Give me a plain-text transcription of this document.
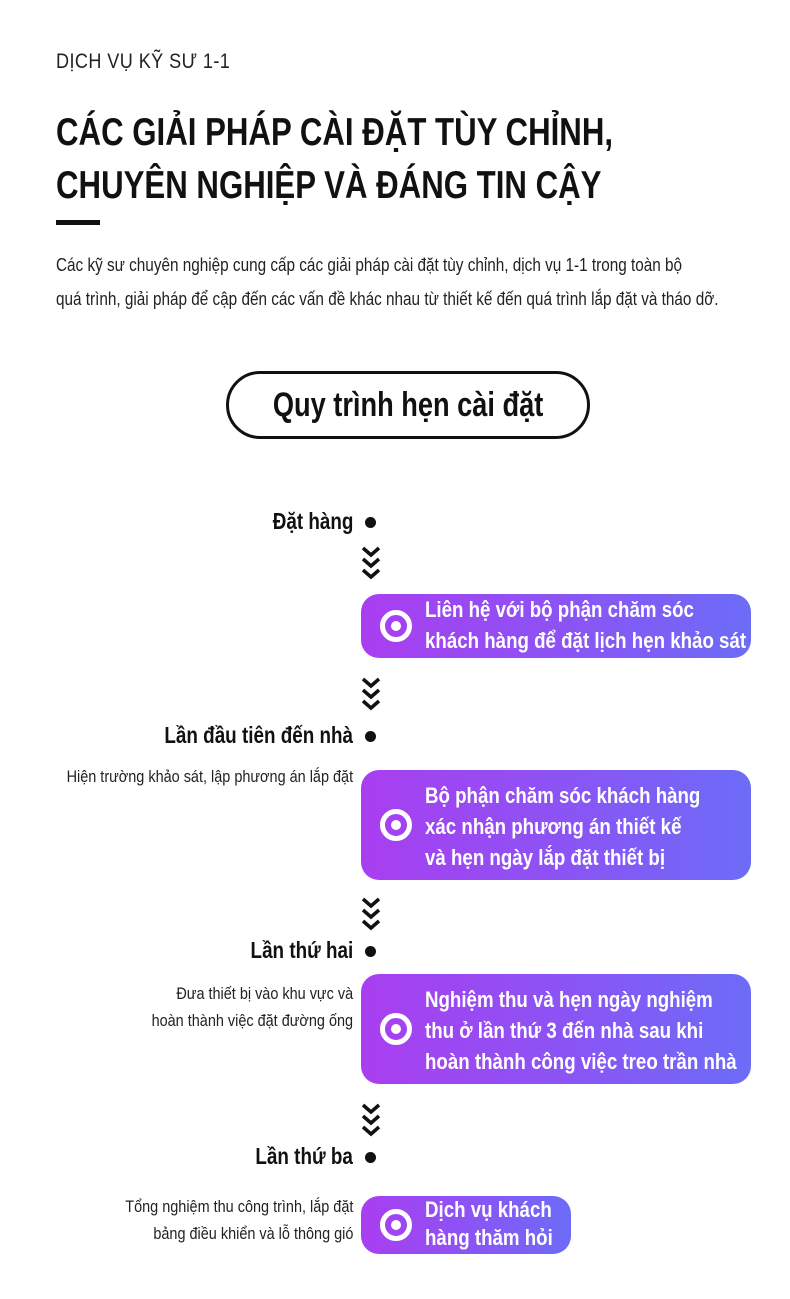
DỊCH VỤ KỸ SƯ 1-1
CÁC GIẢI PHÁP CÀI ĐẶT TÙY CHỈNH,
CHUYÊN NGHIỆP VÀ ĐÁNG TIN CẬY
Các kỹ sư chuyên nghiệp cung cấp các giải pháp cài đặt tùy chỉnh, dịch vụ 1-1 trong toàn bộ
quá trình, giải pháp để cập đến các vấn đề khác nhau từ thiết kế đến quá trình lắp đặt và tháo dỡ.
Quy trình hẹn cài đặt
Đặt hàng
Liên hệ với bộ phận chăm sóc
khách hàng để đặt lịch hẹn khảo sát
Lần đầu tiên đến nhà
Hiện trường khảo sát, lập phương án lắp đặt
Bộ phận chăm sóc khách hàng
xác nhận phương án thiết kế
và hẹn ngày lắp đặt thiết bị
Lần thứ hai
Đưa thiết bị vào khu vực và
hoàn thành việc đặt đường ống
Nghiệm thu và hẹn ngày nghiệm
thu ở lần thứ 3 đến nhà sau khi
hoàn thành công việc treo trần nhà
Lần thứ ba
Tổng nghiệm thu công trình, lắp đặt
bảng điều khiển và lỗ thông gió
Dịch vụ khách
hàng thăm hỏi
